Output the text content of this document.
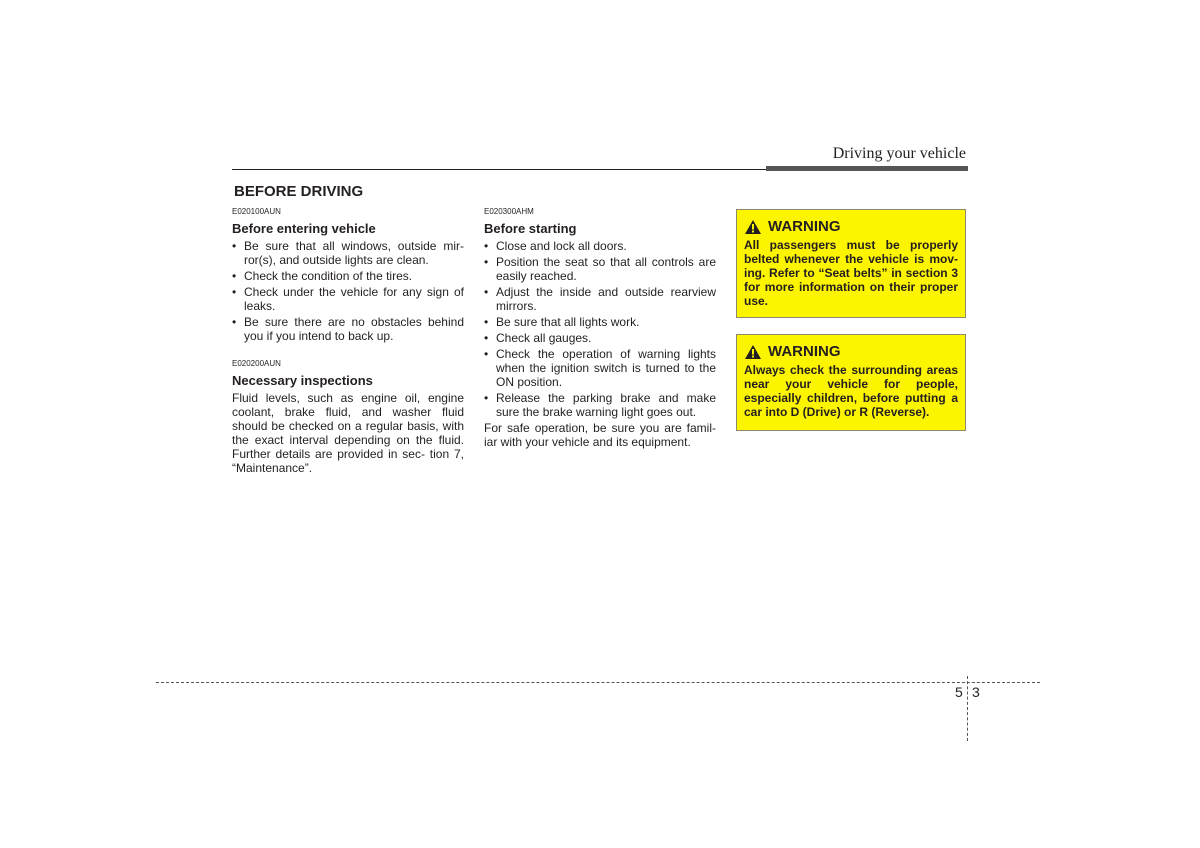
Driving your vehicle
BEFORE DRIVING
E020100AUN
Before entering vehicle
• Be sure that all windows, outside mir- ror(s), and outside lights are clean.
• Check the condition of the tires.
• Check under the vehicle for any sign of leaks.
• Be sure there are no obstacles behind you if you intend to back up.
E020200AUN
Necessary inspections

Fluid levels, such as engine oil, engine coolant, brake fluid, and washer fluid should be checked on a regular basis, with the exact interval depending on the fluid. Further details are provided in sec- tion 7, “Maintenance”.

E020300AHM
Before starting
• Close and lock all doors.
• Position the seat so that all controls are easily reached.
• Adjust the inside and outside rearview mirrors.
• Be sure that all lights work.
• Check all gauges.
• Check the operation of warning lights when the ignition switch is turned to the ON position.
• Release the parking brake and make sure the brake warning light goes out.

For safe operation, be sure you are famil- iar with your vehicle and its equipment.

WARNING
All passengers must be properly belted whenever the vehicle is mov- ing. Refer to “Seat belts” in section 3 for more information on their proper use.
WARNING
Always check the surrounding areas near your vehicle for people, especially children, before putting a car into D (Drive) or R (Reverse).
5 3
